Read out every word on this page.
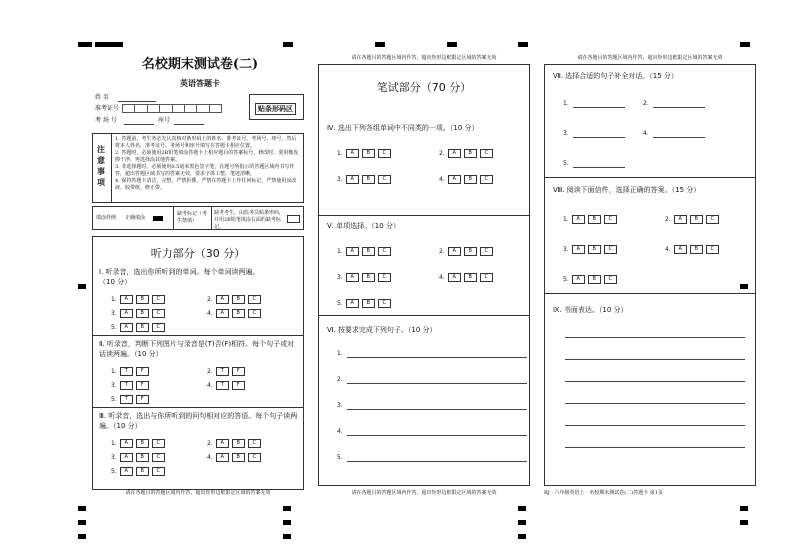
名校期末测试卷(二)
英语答题卡
姓 名
准考证号
考 场 号	座号
贴条形码区
注意事项
1. 答题前，考生务必先认真核对条形码上的姓名、准考证号、考场号、座号，然后将本人姓名、准考证号、考场号和座号填写在答题卡相应位置。
2. 答题时，必须使用2B铅笔填涂答题卡上相应题目的答案标号，修改时，要用橡皮擦干净，再选择涂其他答案。
3. 非选择题时，必须使用0.5毫米黑色签字笔，在题号所指示的答题区域内书写作答，超出答题区域书写的答案无效，要求字体工整、笔迹清晰。
4. 保持答题卡清洁，完整，严禁折叠，严禁在答题卡上作任何标记，严禁使用涂改液、胶带纸、修正带。
填涂样例 正确填涂
缺考标记（考生禁填）
缺考考生，由监考员贴条形码，并用2B铅笔填涂右面的缺考标记。
听力部分（30 分）
Ⅰ. 听录音，选出你所听到的单词。每个单词读两遍。
（10 分）
Ⅱ. 听录音，判断下列图片与录音是(T)否(F)相符。每个句子或对话读两遍。（10 分）
Ⅲ. 听录音，选出与你所听到的问句相对应的答语。每个句子读两遍。（10 分）
1. A	B	C	2. A	B	C
3. A	B	C	4. A	B	C
5. A	B	C
1. T	F	2. T	F
3. T	F	4. T	F
5. T	F
1. A	B	C	2. A	B	C
3. A	B	C	4. A	B	C
5. A	B	C
请在各题目的答题区域内作答，超出矩形边框限定区域的答案无效
请在各题目的答题区域内作答，超出矩形边框限定区域的答案无效
笔试部分（70 分）
Ⅳ. 选出下列各组单词中不同类的一项。（10 分）
Ⅴ. 单项选择。（10 分）
Ⅵ. 按要求完成下列句子。（10 分）
1. A	B	C	2. A	B	C
3. A	B	C	4. A	B	C
1. A	B	C	2. A	B	C
3. A	B	C	4. A	B	C
5. A	B	C
1.
2.
3.
4.
5.
请在各题目的答题区域内作答，超出矩形边框限定区域的答案无效
请在各题目的答题区域内作答，超出矩形边框限定区域的答案无效
Ⅶ. 选择合适的句子补全对话。（15 分）
Ⅷ. 阅读下面信件，选择正确的答案。（15 分）
Ⅸ. 书面表达。（10 分）
1.	2.
3.	4.
5.
1. A	B	C	2. A	B	C
3. A	B	C	4. A	B	C
5. A	B	C
RJ · 六年级英语上 · 名校期末测试卷(二)答题卡 第1页
